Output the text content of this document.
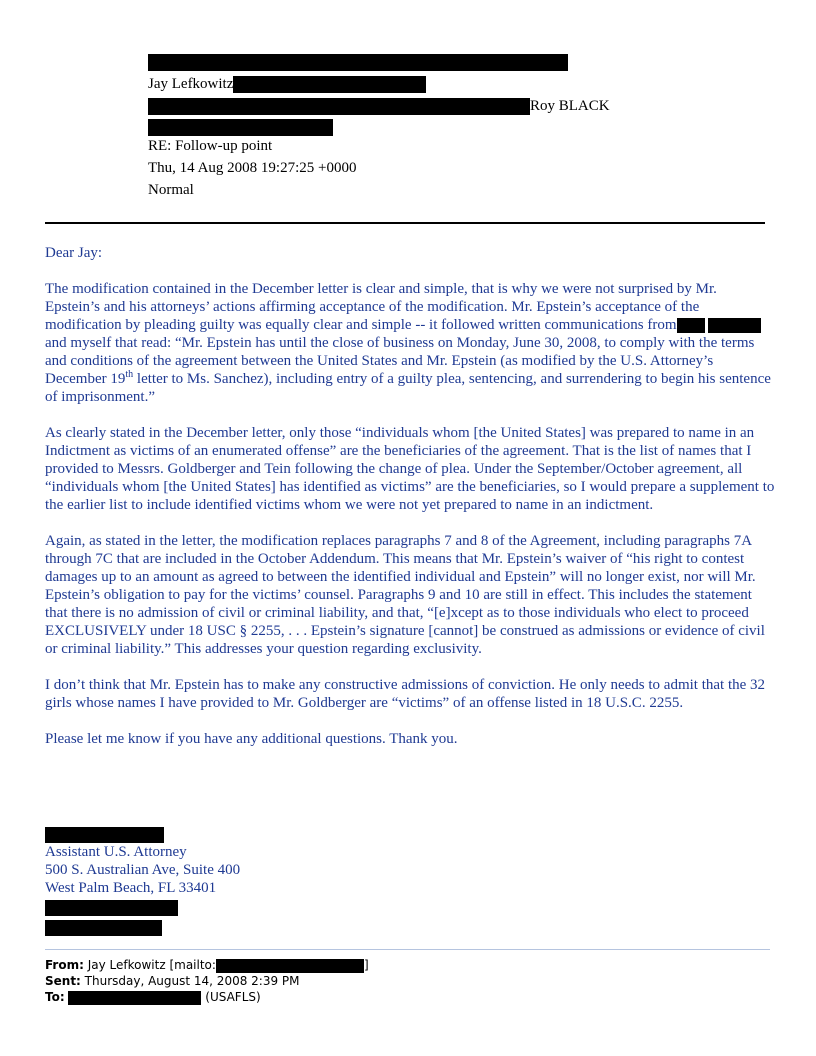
Jay Lefkowitz
Roy BLACK
RE: Follow-up point
Thu, 14 Aug 2008 19:27:25 +0000
Normal

Dear Jay:

The modification contained in the December letter is clear and simple, that is why we were not surprised by Mr. Epstein’s and his attorneys’ actions affirming acceptance of the modification. Mr. Epstein’s acceptance of the modification by pleading guilty was equally clear and simple -- it followed written communications from and myself that read: “Mr. Epstein has until the close of business on Monday, June 30, 2008, to comply with the terms and conditions of the agreement between the United States and Mr. Epstein (as modified by the U.S. Attorney’s December 19th letter to Ms. Sanchez), including entry of a guilty plea, sentencing, and surrendering to begin his sentence of imprisonment.”

As clearly stated in the December letter, only those “individuals whom [the United States] was prepared to name in an Indictment as victims of an enumerated offense” are the beneficiaries of the agreement. That is the list of names that I provided to Messrs. Goldberger and Tein following the change of plea. Under the September/October agreement, all “individuals whom [the United States] has identified as victims” are the beneficiaries, so I would prepare a supplement to the earlier list to include identified victims whom we were not yet prepared to name in an indictment.

Again, as stated in the letter, the modification replaces paragraphs 7 and 8 of the Agreement, including paragraphs 7A through 7C that are included in the October Addendum. This means that Mr. Epstein’s waiver of “his right to contest damages up to an amount as agreed to between the identified individual and Epstein” will no longer exist, nor will Mr. Epstein’s obligation to pay for the victims’ counsel. Paragraphs 9 and 10 are still in effect. This includes the statement that there is no admission of civil or criminal liability, and that, “[e]xcept as to those individuals who elect to proceed EXCLUSIVELY under 18 USC § 2255, . . . Epstein’s signature [cannot] be construed as admissions or evidence of civil or criminal liability.” This addresses your question regarding exclusivity.

I don’t think that Mr. Epstein has to make any constructive admissions of conviction. He only needs to admit that the 32 girls whose names I have provided to Mr. Goldberger are “victims” of an offense listed in 18 U.S.C. 2255.

Please let me know if you have any additional questions. Thank you.

Assistant U.S. Attorney
500 S. Australian Ave, Suite 400
West Palm Beach, FL 33401
From: Jay Lefkowitz [mailto:	]
Sent: Thursday, August 14, 2008 2:39 PM
To:	(USAFLS)
